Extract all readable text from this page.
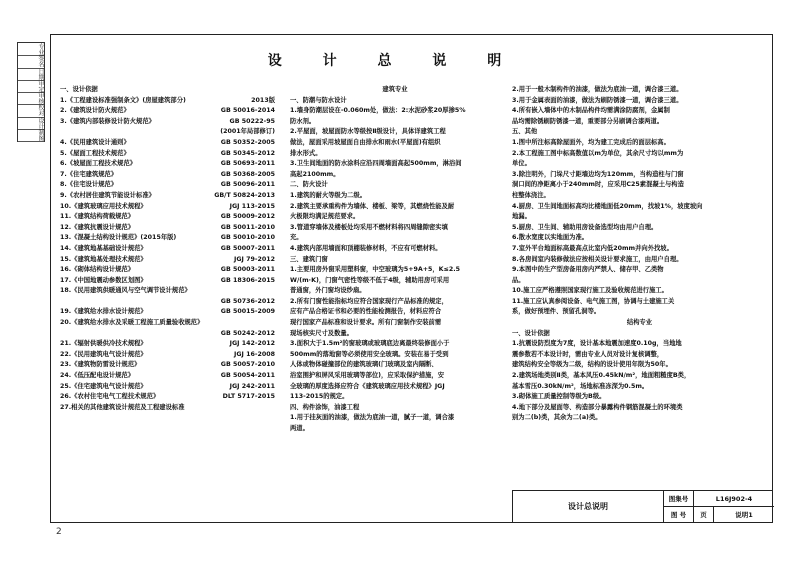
专业
签名
日期
审定
审核
校对
设计
制图
设 计 总 说 明
一、设计依据
1.《工程建设标准强制条文》(房屋建筑部分)	2013版
2.《建筑设计防火规范》	GB 50016-2014
3.《建筑内部装修设计防火规范》	GB 50222-95
(2001年局部修订)
4.《民用建筑设计通则》	GB 50352-2005
5.《屋面工程技术规范》	GB 50345-2012
6.《坡屋面工程技术规范》	GB 50693-2011
7.《住宅建筑规范》	GB 50368-2005
8.《住宅设计规范》	GB 50096-2011
9.《农村居住建筑节能设计标准》	GB/T 50824-2013
10.《建筑玻璃应用技术规程》	JGJ 113-2015
11.《建筑结构荷载规范》	GB 50009-2012
12.《建筑抗震设计规范》	GB 50011-2010
13.《混凝土结构设计规范》(2015年版)	GB 50010-2010
14.《建筑地基基础设计规范》	GB 50007-2011
15.《建筑地基处理技术规范》	JGJ 79-2012
16.《砌体结构设计规范》	GB 50003-2011
17.《中国地震动参数区划图》	GB 18306-2015
18.《民用建筑供暖通风与空气调节设计规范》
GB 50736-2012
19.《建筑给水排水设计规范》	GB 50015-2009
20.《建筑给水排水及采暖工程施工质量验收规范》
GB 50242-2012
21.《辐射供暖供冷技术规程》	JGJ 142-2012
22.《民用建筑电气设计规范》	JGJ 16-2008
23.《建筑物防雷设计规范》	GB 50057-2010
24.《低压配电设计规范》	GB 50054-2011
25.《住宅建筑电气设计规范》	JGJ 242-2011
26.《农村住宅电气工程技术规范》	DLT 5717-2015
27.相关的其他建筑设计规范及工程建设标准
建筑专业
一、防潮与防水设计
1.墙身防潮层设在-0.060m处，做法：2:水泥砂浆20厚掺5%
防水剂。
2.平屋面，坡屋面防水等级按Ⅱ级设计，具体详建筑工程
做法，屋面采用坡屋面自由排水和雨水(平屋面)有组织
排水形式。
3.卫生间地面的防水涂料应沿四周墙面高起500mm，淋浴间
高起2100mm。
二、防火设计
1.建筑的耐火等级为二级。
2.建筑主要承重构件为墙体、楼板、梁等，其燃烧性能及耐
火极限均满足规范要求。
3.管道穿墙体及楼板处均采用不燃材料将四周缝隙密实填
充。
4.建筑内部用墙面和顶棚装修材料，不应有可燃材料。
三、建筑门窗
1.主要用房外窗采用塑料窗，中空玻璃为5+9A+5，K≤2.5
W/(m·K)，门窗气密性等级不低于4级，辅助用房可采用
普通窗，外门窗均设纱扇。
2.所有门窗性能指标均应符合国家现行产品标准的规定，
应有产品合格证书和必要的性能检测报告，材料应符合
现行国家产品标准和设计要求。所有门窗制作安装前需
现场核实尺寸及数量。
3.面积大于1.5m²的窗玻璃或玻璃底边离最终装修面小于
500mm的落地窗等必须使用安全玻璃。安装在易于受到
人体或物体碰撞部位的建筑玻璃(门玻璃及室内隔断、
浴室围护和屏风采用玻璃等部位)，应采取保护措施，安
全玻璃的厚度选择应符合《建筑玻璃应用技术规程》JGJ
113-2015的规定。
四、构件涂饰，油漆工程
1.用于挂灰面的油漆，做法为底油一道，腻子一道，调合漆
两道。
2.用于一般木制构件的油漆，做法为底油一道，调合漆三道。
3.用于金属表面的油漆，做法为刷防锈漆一道，调合漆三道。
4.所有嵌入墙体中的木制品构件均需满涂防腐剂，金属制
品均需除锈刷防锈漆一道，重要部分另刷调合漆两道。
五、其他
1.图中所注标高除屋面外，均为建工完成后的面层标高。
2.本工程施工图中标高数值以m为单位，其余尺寸均以mm为
单位。
3.除注明外，门垛尺寸距墙边均为120mm，当构造柱与门窗
洞口间的净距离小于240mm时，应采用C25素混凝土与构造
柱整体浇注。
4.厨房、卫生间地面标高均比楼地面低20mm，找坡1%，坡度坡向
地漏。
5.厨房、卫生间、辅助用房设备选型均由用户自理。
6.散水宽度以实地面为准。
7.室外平台地面标高最高点比室内低20mm并向外找坡。
8.各房间室内装修做法应按相关设计要求施工，由用户自理。
9.本图中的生产型房备用房内严禁人、储存甲、乙类物
品。
10.施工应严格遵照国家现行施工及验收规范进行施工。
11.施工应认真参阅设备、电气施工图，协调与土建施工关
系，做好预埋件、预留孔洞等。
结构专业
一、设计依据
1.抗震设防烈度为7度，设计基本地震加速度0.10g，当地地
震参数若不本设计时，需由专业人员对设计复核调整，
建筑结构安全等级为二级，结构的设计使用年限为50年。
2.建筑场地类别Ⅱ类，基本风压0.45kN/m²，地面粗糙度B类，
基本雪压0.30kN/m²，场地标准冻深为0.5m。
3.砌体施工质量控制等级为B级。
4.地下部分及屋面等、构造部分暴露构件钢筋混凝土的环境类
别为二(b)类，其余为二(a)类。
设计总说明
图集号	L16J902-4
图 号	页	说明1
2
